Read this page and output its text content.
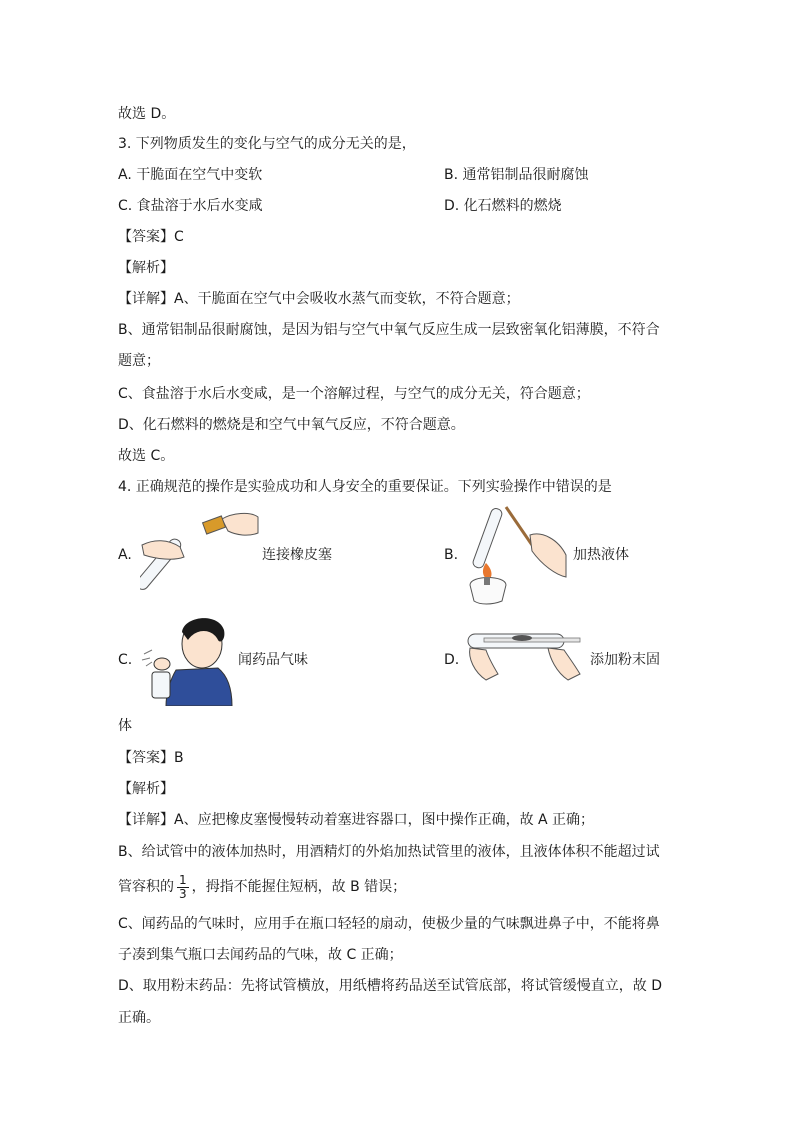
故选 D。
3. 下列物质发生的变化与空气的成分无关的是，
A. 干脆面在空气中变软	B. 通常铝制品很耐腐蚀
C. 食盐溶于水后水变咸	D. 化石燃料的燃烧
【答案】C
【解析】
【详解】A、干脆面在空气中会吸收水蒸气而变软，不符合题意；
B、通常铝制品很耐腐蚀，是因为铝与空气中氧气反应生成一层致密氧化铝薄膜，不符合
题意；
C、食盐溶于水后水变咸，是一个溶解过程，与空气的成分无关，符合题意；
D、化石燃料的燃烧是和空气中氧气反应，不符合题意。
故选 C。
4. 正确规范的操作是实验成功和人身安全的重要保证。下列实验操作中错误的是
A.	连接橡皮塞	B.	加热液体
C.	闻药品气味	D.	添加粉末固
体
【答案】B
【解析】
【详解】A、应把橡皮塞慢慢转动着塞进容器口，图中操作正确，故 A 正确；
B、给试管中的液体加热时，用酒精灯的外焰加热试管里的液体，且液体体积不能超过试
管容积的 $\frac{1}{3}$ ，拇指不能握住短柄，故 B 错误；
C、闻药品的气味时，应用手在瓶口轻轻的扇动，使极少量的气味飘进鼻子中，不能将鼻
子凑到集气瓶口去闻药品的气味，故 C 正确；
D、取用粉末药品：先将试管横放，用纸槽将药品送至试管底部，将试管缓慢直立，故 D
正确。
